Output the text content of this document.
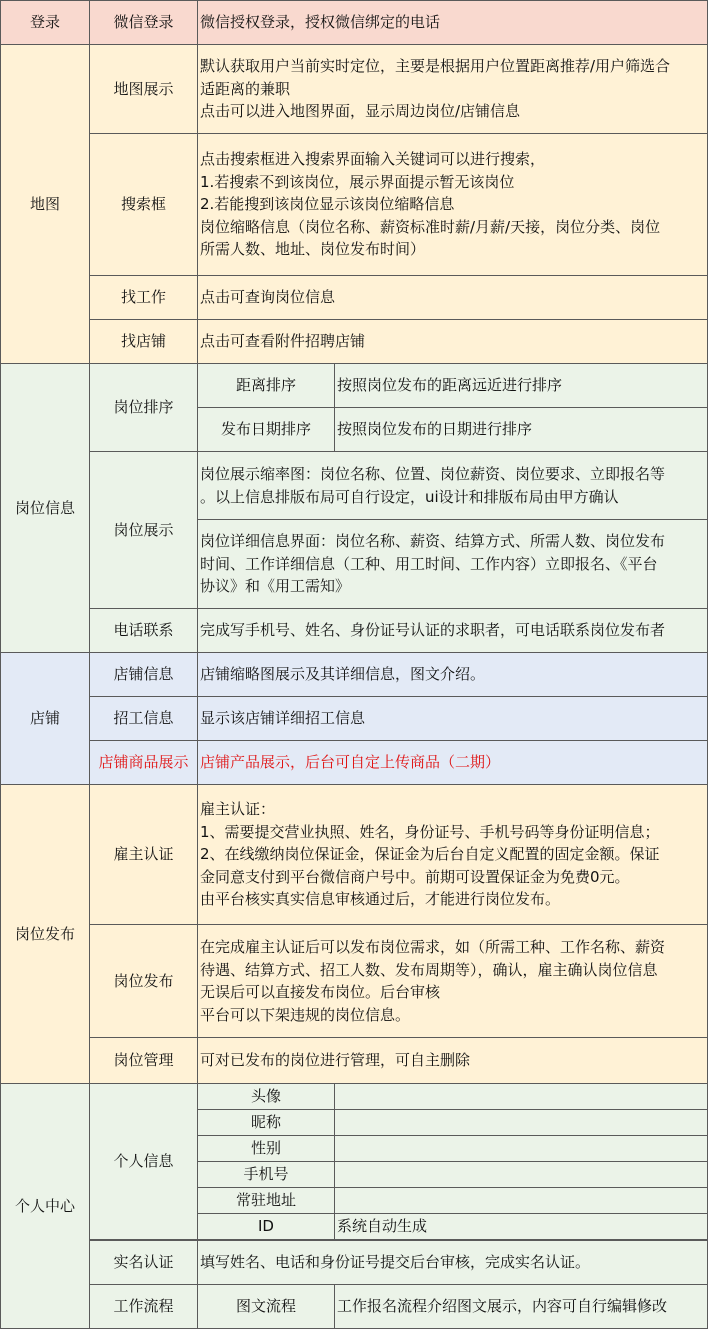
登录	微信登录	微信授权登录，授权微信绑定的电话	
地图	地图展示	默认获取用户当前实时定位，主要是根据用户位置距离推荐/用户筛选合
适距离的兼职
点击可以进入地图界面，显示周边岗位/店铺信息	

	搜索框	点击搜索框进入搜索界面输入关键词可以进行搜索，
1.若搜索不到该岗位，展示界面提示暂无该岗位
2.若能搜到该岗位显示该岗位缩略信息
岗位缩略信息（岗位名称、薪资标准时薪/月薪/天接，岗位分类、岗位
所需人数、地址、岗位发布时间）	

	找工作	点击可查询岗位信息	
	找店铺	点击可查看附件招聘店铺	
岗位信息	岗位排序	距离排序	按照岗位发布的距离远近进行排序
		发布日期排序	按照岗位发布的日期进行排序
	岗位展示	岗位展示缩率图：岗位名称、位置、岗位薪资、岗位要求、立即报名等
。以上信息排版布局可自行设定，ui设计和排版布局由甲方确认	

		岗位详细信息界面：岗位名称、薪资、结算方式、所需人数、岗位发布
时间、工作详细信息（工种、用工时间、工作内容）立即报名、《平台
协议》和《用工需知》	

	电话联系	完成写手机号、姓名、身份证号认证的求职者，可电话联系岗位发布者	
店铺	店铺信息	店铺缩略图展示及其详细信息，图文介绍。	
	招工信息	显示该店铺详细招工信息	
	店铺商品展示	店铺产品展示，后台可自定上传商品（二期）	
岗位发布	雇主认证	雇主认证：
1、需要提交营业执照、姓名，身份证号、手机号码等身份证明信息；
2、在线缴纳岗位保证金，保证金为后台自定义配置的固定金额。保证
金同意支付到平台微信商户号中。前期可设置保证金为免费0元。
由平台核实真实信息审核通过后，才能进行岗位发布。	

	岗位发布	在完成雇主认证后可以发布岗位需求，如（所需工种、工作名称、薪资
待遇、结算方式、招工人数、发布周期等），确认，雇主确认岗位信息
无误后可以直接发布岗位。后台审核
平台可以下架违规的岗位信息。	

	岗位管理	可对已发布的岗位进行管理，可自主删除	
个人中心	个人信息	头像	
		昵称	
		性别	
		手机号	
		常驻地址	
		ID	系统自动生成

	实名认证	填写姓名、电话和身份证号提交后台审核，完成实名认证。	
	工作流程	图文流程	工作报名流程介绍图文展示，内容可自行编辑修改
